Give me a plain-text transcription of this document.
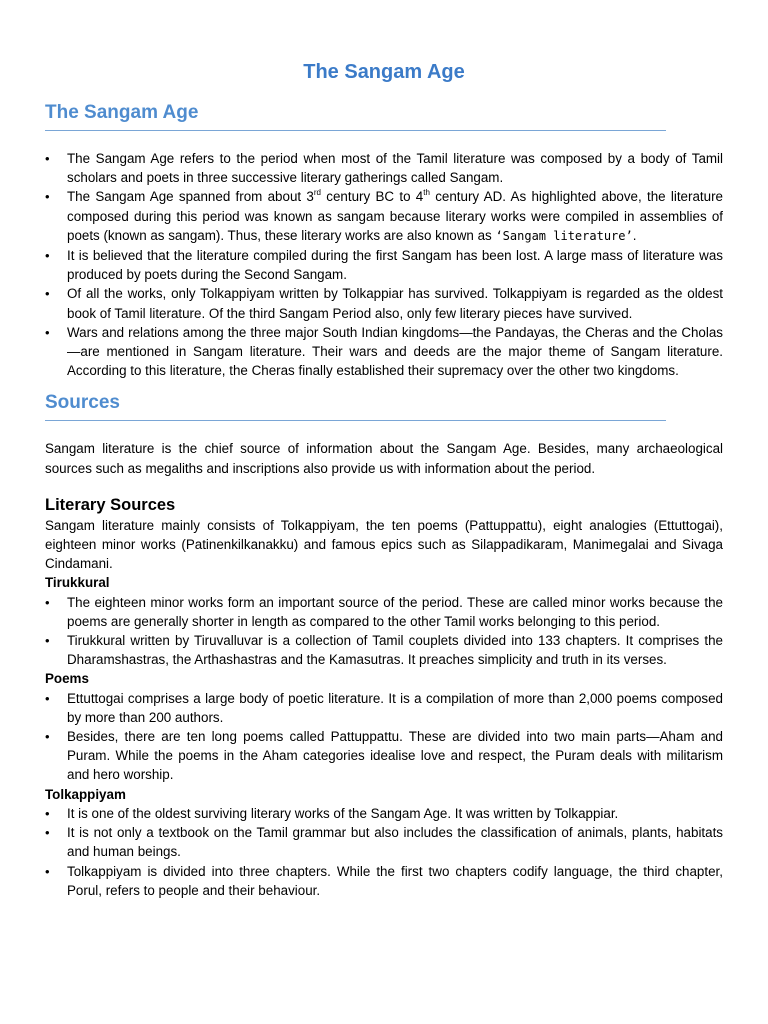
The Sangam Age
The Sangam Age
• The Sangam Age refers to the period when most of the Tamil literature was composed by a body of Tamil scholars and poets in three successive literary gatherings called Sangam.
• The Sangam Age spanned from about 3rd century BC to 4th century AD. As highlighted above, the literature composed during this period was known as sangam because literary works were compiled in assemblies of poets (known as sangam). Thus, these literary works are also known as ‘Sangam literature’.
• It is believed that the literature compiled during the first Sangam has been lost. A large mass of literature was produced by poets during the Second Sangam.
• Of all the works, only Tolkappiyam written by Tolkappiar has survived. Tolkappiyam is regarded as the oldest book of Tamil literature. Of the third Sangam Period also, only few literary pieces have survived.
• Wars and relations among the three major South Indian kingdoms—the Pandayas, the Cheras and the Cholas—are mentioned in Sangam literature. Their wars and deeds are the major theme of Sangam literature. According to this literature, the Cheras finally established their supremacy over the other two kingdoms.
Sources

Sangam literature is the chief source of information about the Sangam Age. Besides, many archaeological sources such as megaliths and inscriptions also provide us with information about the period.

Literary Sources

Sangam literature mainly consists of Tolkappiyam, the ten poems (Pattuppattu), eight analogies (Ettuttogai), eighteen minor works (Patinenkilkanakku) and famous epics such as Silappadikaram, Manimegalai and Sivaga Cindamani.

Tirukkural
• The eighteen minor works form an important source of the period. These are called minor works because the poems are generally shorter in length as compared to the other Tamil works belonging to this period.
• Tirukkural written by Tiruvalluvar is a collection of Tamil couplets divided into 133 chapters. It comprises the Dharamshastras, the Arthashastras and the Kamasutras. It preaches simplicity and truth in its verses.
Poems
• Ettuttogai comprises a large body of poetic literature. It is a compilation of more than 2,000 poems composed by more than 200 authors.
• Besides, there are ten long poems called Pattuppattu. These are divided into two main parts—Aham and Puram. While the poems in the Aham categories idealise love and respect, the Puram deals with militarism and hero worship.
Tolkappiyam
• It is one of the oldest surviving literary works of the Sangam Age. It was written by Tolkappiar.
• It is not only a textbook on the Tamil grammar but also includes the classification of animals, plants, habitats and human beings.
• Tolkappiyam is divided into three chapters. While the first two chapters codify language, the third chapter, Porul, refers to people and their behaviour.
